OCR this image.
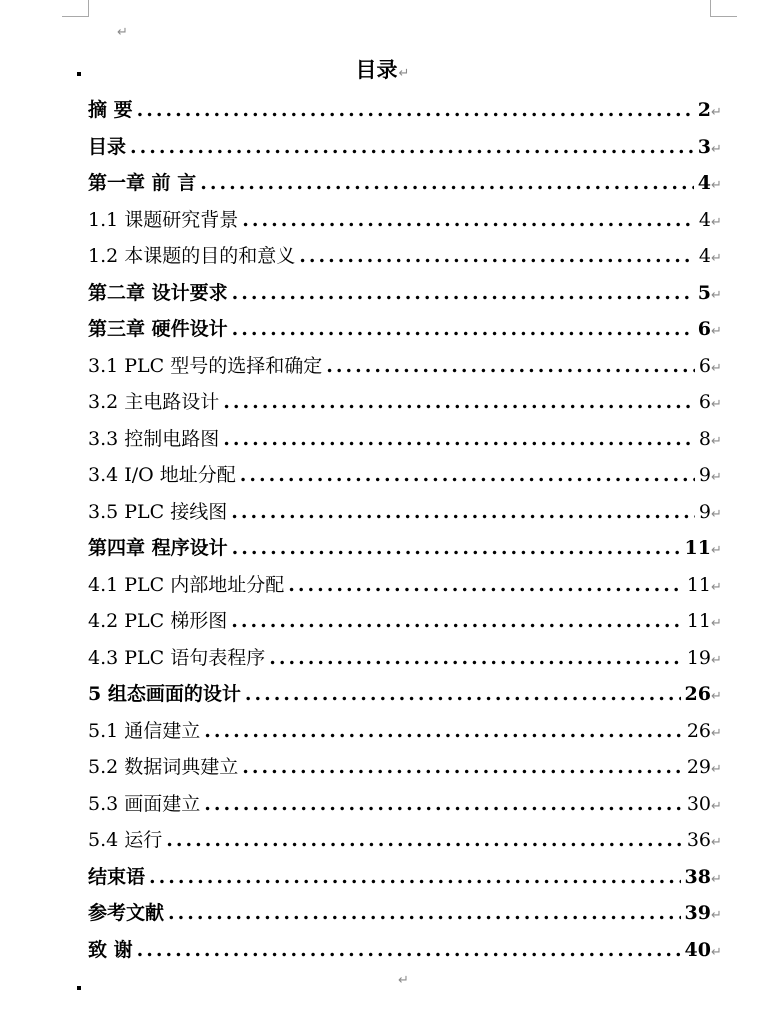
↵
目录↵
摘 要 .....	2 ↵
目录 .....	3 ↵
第一章 前 言 .....	4 ↵
1.1 课题研究背景 .....	4 ↵
1.2 本课题的目的和意义 .....	4 ↵
第二章 设计要求 .....	5 ↵
第三章 硬件设计 .....	6 ↵
3.1 PLC 型号的选择和确定 .....	6 ↵
3.2 主电路设计 .....	6 ↵
3.3 控制电路图 .....	8 ↵
3.4 I/O 地址分配 .....	9 ↵
3.5 PLC 接线图 .....	9 ↵
第四章 程序设计 .....	11 ↵
4.1 PLC 内部地址分配 .....	11 ↵
4.2 PLC 梯形图 .....	11 ↵
4.3 PLC 语句表程序 .....	19 ↵
5 组态画面的设计 .....	26 ↵
5.1 通信建立 .....	26 ↵
5.2 数据词典建立 .....	29 ↵
5.3 画面建立 .....	30 ↵
5.4 运行 .....	36 ↵
结束语 .....	38 ↵
参考文献 .....	39 ↵
致 谢 .....	40 ↵
↵
